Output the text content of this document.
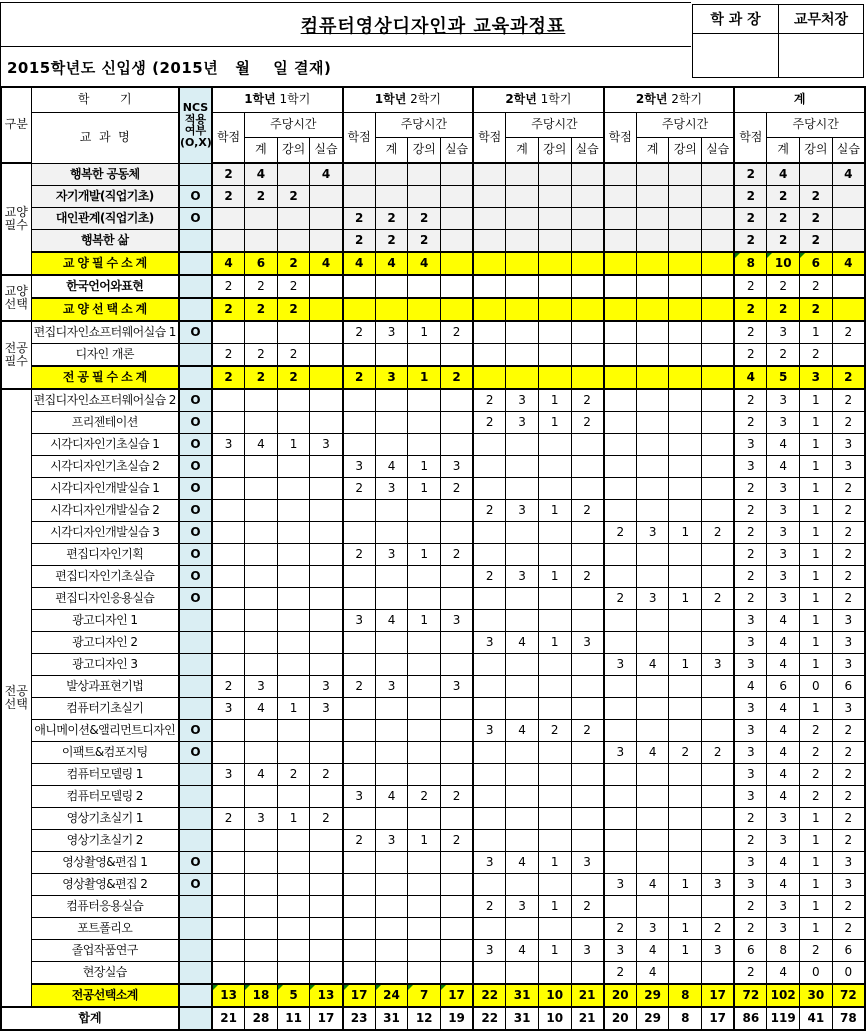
컴퓨터영상디자인과 교육과정표
2015학년도 신입생 (2015년   월    일 결재)
학 과 장	교무처장
구분	학        기	NCS
적용
여부
(O,X)	1학년 1학기				1학년 2학기				2학년 1학기				2학년 2학기				계			
	교  과  명		학점	주당시간			학점	주당시간			학점	주당시간			학점	주당시간			학점	주당시간		
				계	강의	실습		계	강의	실습		계	강의	실습		계	강의	실습		계	강의	실습
교양
필수	행복한 공동체		2	4		4													2	4		4
	자기개발(직업기초)	O	2	2	2														2	2	2	
	대인관계(직업기초)	O					2	2	2										2	2	2	
	행복한 삶						2	2	2										2	2	2	
	교 양 필 수 소 계		4	6	2	4	4	4	4										8	10	6	4
교양
선택	한국언어와표현		2	2	2														2	2	2	
	교 양 선 택 소 계		2	2	2														2	2	2	
전공
필수	편집디자인쇼프터웨어실습 1	O					2	3	1	2									2	3	1	2
	디자인 개론		2	2	2														2	2	2	
	전 공 필 수 소 계		2	2	2		2	3	1	2									4	5	3	2
전공
선택	편집디자인쇼프터웨어실습 2	O									2	3	1	2					2	3	1	2
	프리젠테이션	O									2	3	1	2					2	3	1	2
	시각디자인기초실습 1	O	3	4	1	3													3	4	1	3
	시각디자인기초실습 2	O					3	4	1	3									3	4	1	3
	시각디자인개발실습 1	O					2	3	1	2									2	3	1	2
	시각디자인개발실습 2	O									2	3	1	2					2	3	1	2
	시각디자인개발실습 3	O													2	3	1	2	2	3	1	2
	편집디자인기획	O					2	3	1	2									2	3	1	2
	편집디자인기초실습	O									2	3	1	2					2	3	1	2
	편집디자인응용실습	O													2	3	1	2	2	3	1	2
	광고디자인 1						3	4	1	3									3	4	1	3
	광고디자인 2										3	4	1	3					3	4	1	3
	광고디자인 3														3	4	1	3	3	4	1	3
	발상과표현기법		2	3		3	2	3		3									4	6	0	6
	컴퓨터기초실기		3	4	1	3													3	4	1	3
	애니메이션&앨리먼트디자인	O									3	4	2	2					3	4	2	2
	이팩트&컴포지팅	O													3	4	2	2	3	4	2	2
	컴퓨터모델링 1		3	4	2	2													3	4	2	2
	컴퓨터모델링 2						3	4	2	2									3	4	2	2
	영상기초실기 1		2	3	1	2													2	3	1	2
	영상기초실기 2						2	3	1	2									2	3	1	2
	영상촬영&편집 1	O									3	4	1	3					3	4	1	3
	영상촬영&편집 2	O													3	4	1	3	3	4	1	3
	컴퓨터응용실습										2	3	1	2					2	3	1	2
	포트폴리오														2	3	1	2	2	3	1	2
	졸업작품연구										3	4	1	3	3	4	1	3	6	8	2	6
	현장실습														2	4			2	4	0	0
	전공선택소계		13	18	5	13	17	24	7	17	22	31	10	21	20	29	8	17	72	102	30	72
합계			21	28	11	17	23	31	12	19	22	31	10	21	20	29	8	17	86	119	41	78
